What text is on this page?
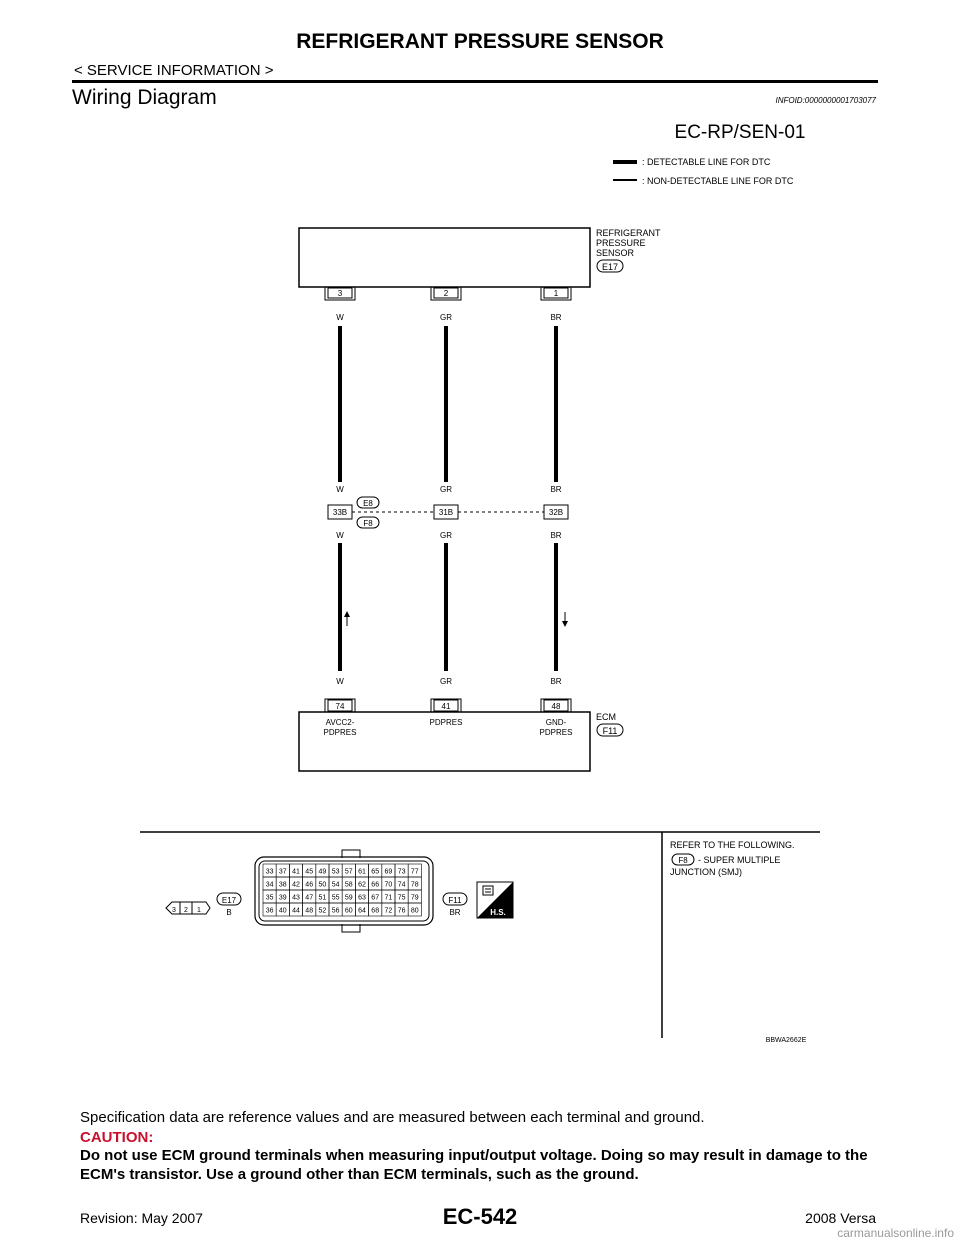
REFRIGERANT PRESSURE SENSOR
< SERVICE INFORMATION >
Wiring Diagram	INFOID:0000000001703077
EC-RP/SEN-01
: DETECTABLE LINE FOR DTC
: NON-DETECTABLE LINE FOR DTC
REFRIGERANT
PRESSURE
SENSOR
E17
3	2	1
W	GR	BR
W	GR	BR
33B	31B	32B
E8
F8
W	GR	BR
W	GR	BR
74	41	48
AVCC2-
PDPRES
PDPRES	GND-
PDPRES
ECM
F11
3 2 1
E17
B
33 37 41 45 49 53 57 61 65 69 73 77
34 38 42 46 50 54 58 62 66 70 74 78
35 39 43 47 51 55 59 63 67 71 75 79
36 40 44 48 52 56 60 64 68 72 76 80
F11
BR	H.S.
REFER TO THE FOLLOWING.
F8 - SUPER MULTIPLE
JUNCTION (SMJ)
BBWA2662E
Specification data are reference values and are measured between each terminal and ground.
CAUTION:
Do not use ECM ground terminals when measuring input/output voltage. Doing so may result in damage to the ECM's transistor. Use a ground other than ECM terminals, such as the ground.
Revision: May 2007	EC-542	2008 Versa
carmanualsonline.info
